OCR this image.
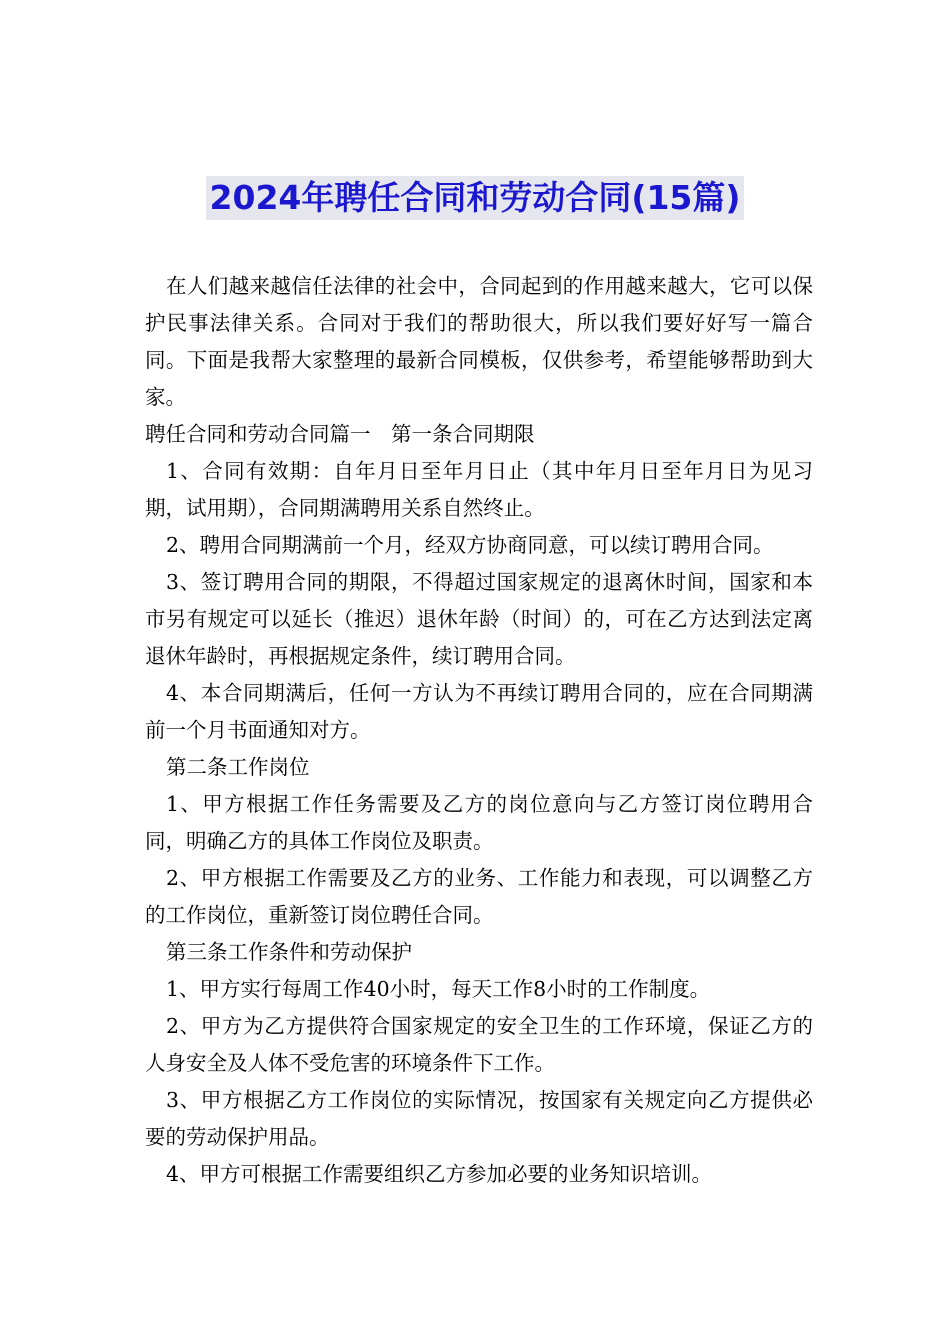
2024年聘任合同和劳动合同(15篇)

在人们越来越信任法律的社会中，合同起到的作用越来越大，它可以保护民事法律关系。合同对于我们的帮助很大，所以我们要好好写一篇合同。下面是我帮大家整理的最新合同模板，仅供参考，希望能够帮助到大家。

聘任合同和劳动合同篇一　第一条合同期限

1、合同有效期：自年月日至年月日止（其中年月日至年月日为见习期，试用期），合同期满聘用关系自然终止。

2、聘用合同期满前一个月，经双方协商同意，可以续订聘用合同。

3、签订聘用合同的期限，不得超过国家规定的退离休时间，国家和本市另有规定可以延长（推迟）退休年龄（时间）的，可在乙方达到法定离退休年龄时，再根据规定条件，续订聘用合同。

4、本合同期满后，任何一方认为不再续订聘用合同的，应在合同期满前一个月书面通知对方。

第二条工作岗位

1、甲方根据工作任务需要及乙方的岗位意向与乙方签订岗位聘用合同，明确乙方的具体工作岗位及职责。

2、甲方根据工作需要及乙方的业务、工作能力和表现，可以调整乙方的工作岗位，重新签订岗位聘任合同。

第三条工作条件和劳动保护

1、甲方实行每周工作40小时，每天工作8小时的工作制度。

2、甲方为乙方提供符合国家规定的安全卫生的工作环境，保证乙方的人身安全及人体不受危害的环境条件下工作。

3、甲方根据乙方工作岗位的实际情况，按国家有关规定向乙方提供必要的劳动保护用品。

4、甲方可根据工作需要组织乙方参加必要的业务知识培训。
